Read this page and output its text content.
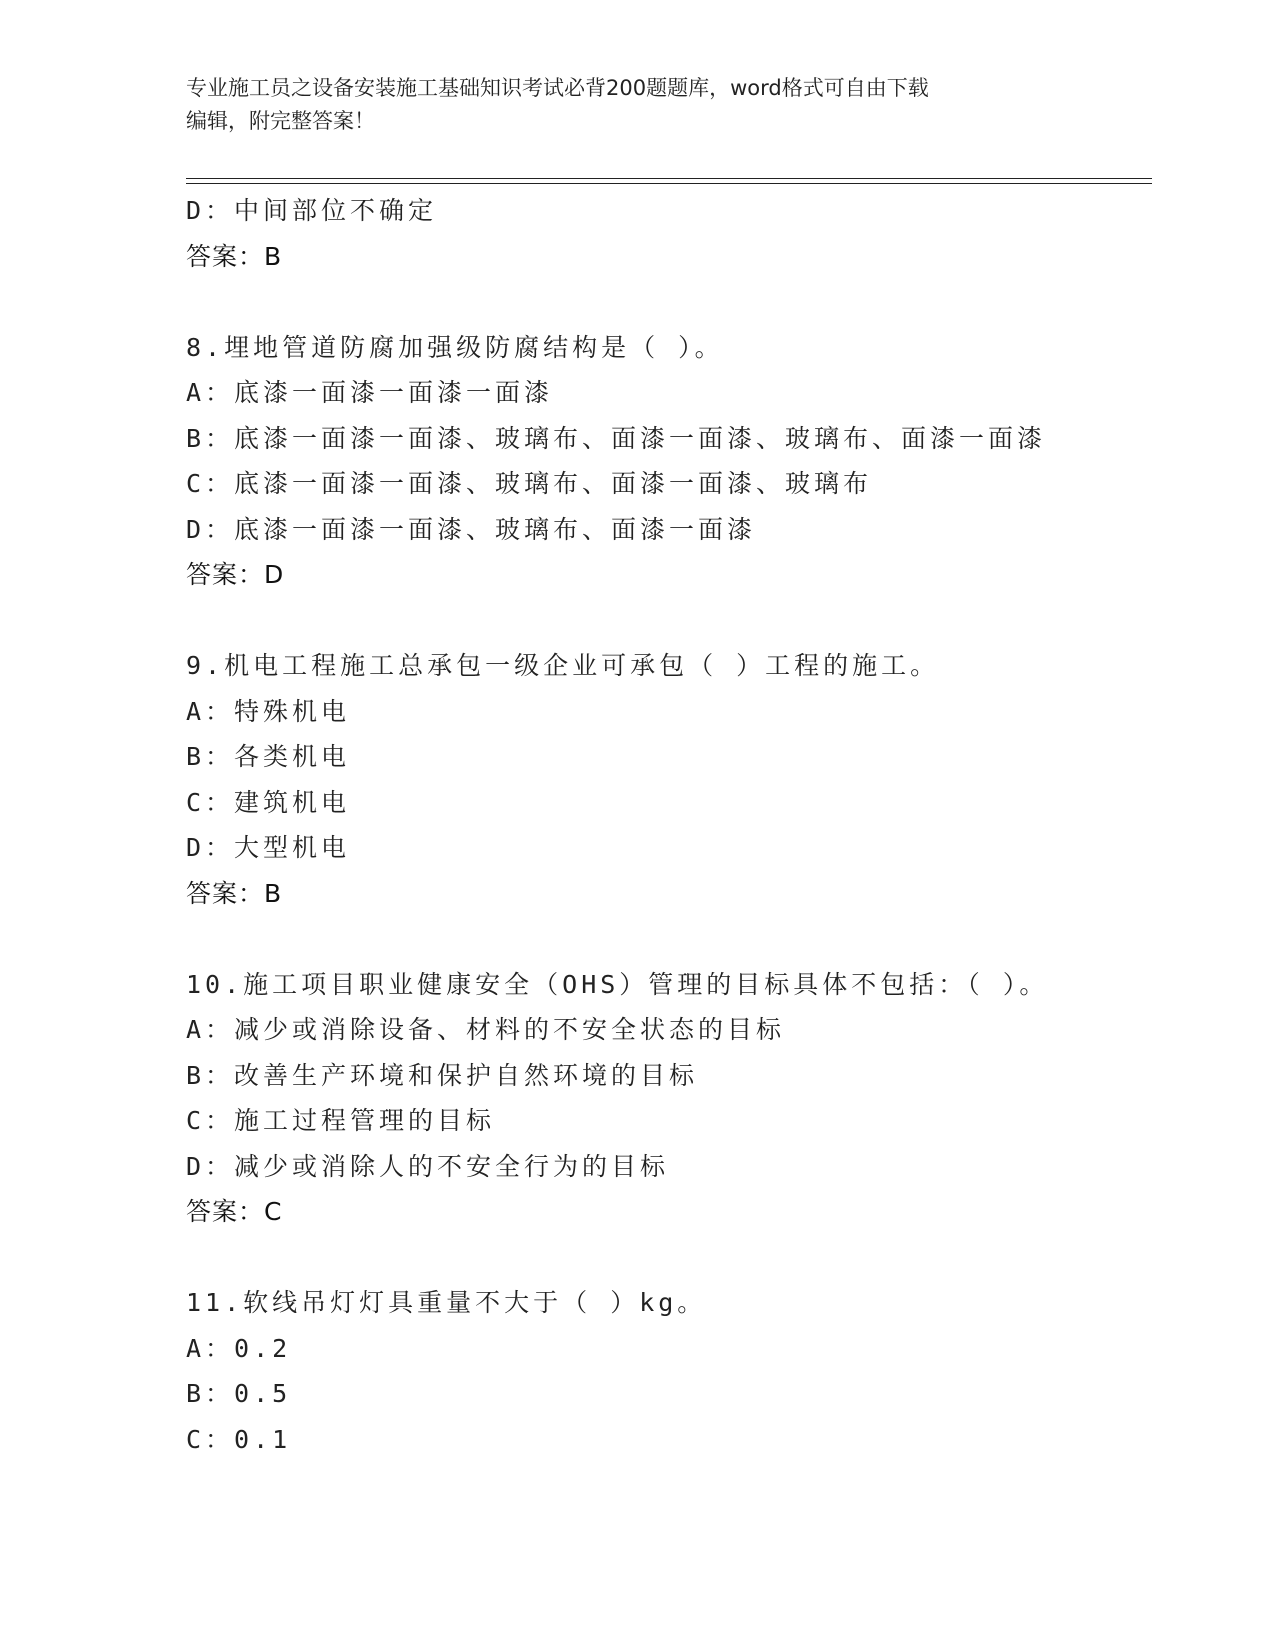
专业施工员之设备安装施工基础知识考试必背200题题库，word格式可自由下载
编辑，附完整答案！
D：中间部位不确定
答案：B
8.埋地管道防腐加强级防腐结构是（ ）。
A：底漆一面漆一面漆一面漆
B：底漆一面漆一面漆、玻璃布、面漆一面漆、玻璃布、面漆一面漆
C：底漆一面漆一面漆、玻璃布、面漆一面漆、玻璃布
D：底漆一面漆一面漆、玻璃布、面漆一面漆
答案：D
9.机电工程施工总承包一级企业可承包（ ）工程的施工。
A：特殊机电
B：各类机电
C：建筑机电
D：大型机电
答案：B
10.施工项目职业健康安全（OHS）管理的目标具体不包括：（ ）。
A：减少或消除设备、材料的不安全状态的目标
B：改善生产环境和保护自然环境的目标
C：施工过程管理的目标
D：减少或消除人的不安全行为的目标
答案：C
11.软线吊灯灯具重量不大于（ ）kg。
A：0.2
B：0.5
C：0.1
